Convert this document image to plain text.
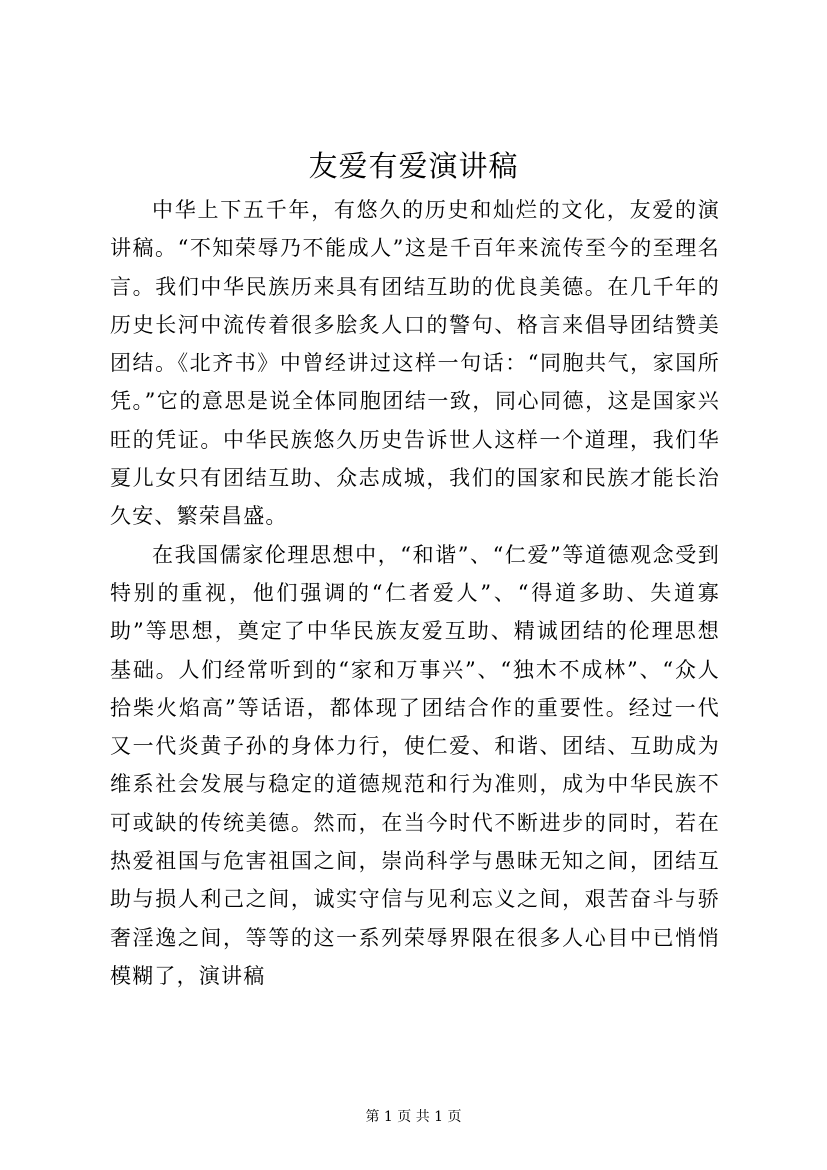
友爱有爱演讲稿

中华上下五千年，有悠久的历史和灿烂的文化，友爱的演讲稿。“不知荣辱乃不能成人”这是千百年来流传至今的至理名言。我们中华民族历来具有团结互助的优良美德。在几千年的历史长河中流传着很多脍炙人口的警句、格言来倡导团结赞美团结。《北齐书》中曾经讲过这样一句话：“同胞共气，家国所凭。”它的意思是说全体同胞团结一致，同心同德，这是国家兴旺的凭证。中华民族悠久历史告诉世人这样一个道理，我们华夏儿女只有团结互助、众志成城，我们的国家和民族才能长治久安、繁荣昌盛。

在我国儒家伦理思想中，“和谐”、“仁爱”等道德观念受到特别的重视，他们强调的“仁者爱人”、“得道多助、失道寡助”等思想，奠定了中华民族友爱互助、精诚团结的伦理思想基础。人们经常听到的“家和万事兴”、“独木不成林”、“众人拾柴火焰高”等话语，都体现了团结合作的重要性。经过一代又一代炎黄子孙的身体力行，使仁爱、和谐、团结、互助成为维系社会发展与稳定的道德规范和行为准则，成为中华民族不可或缺的传统美德。然而，在当今时代不断进步的同时，若在热爱祖国与危害祖国之间，崇尚科学与愚昧无知之间，团结互助与损人利己之间，诚实守信与见利忘义之间，艰苦奋斗与骄奢淫逸之间，等等的这一系列荣辱界限在很多人心目中已悄悄模糊了，演讲稿

第 1 页 共 1 页
